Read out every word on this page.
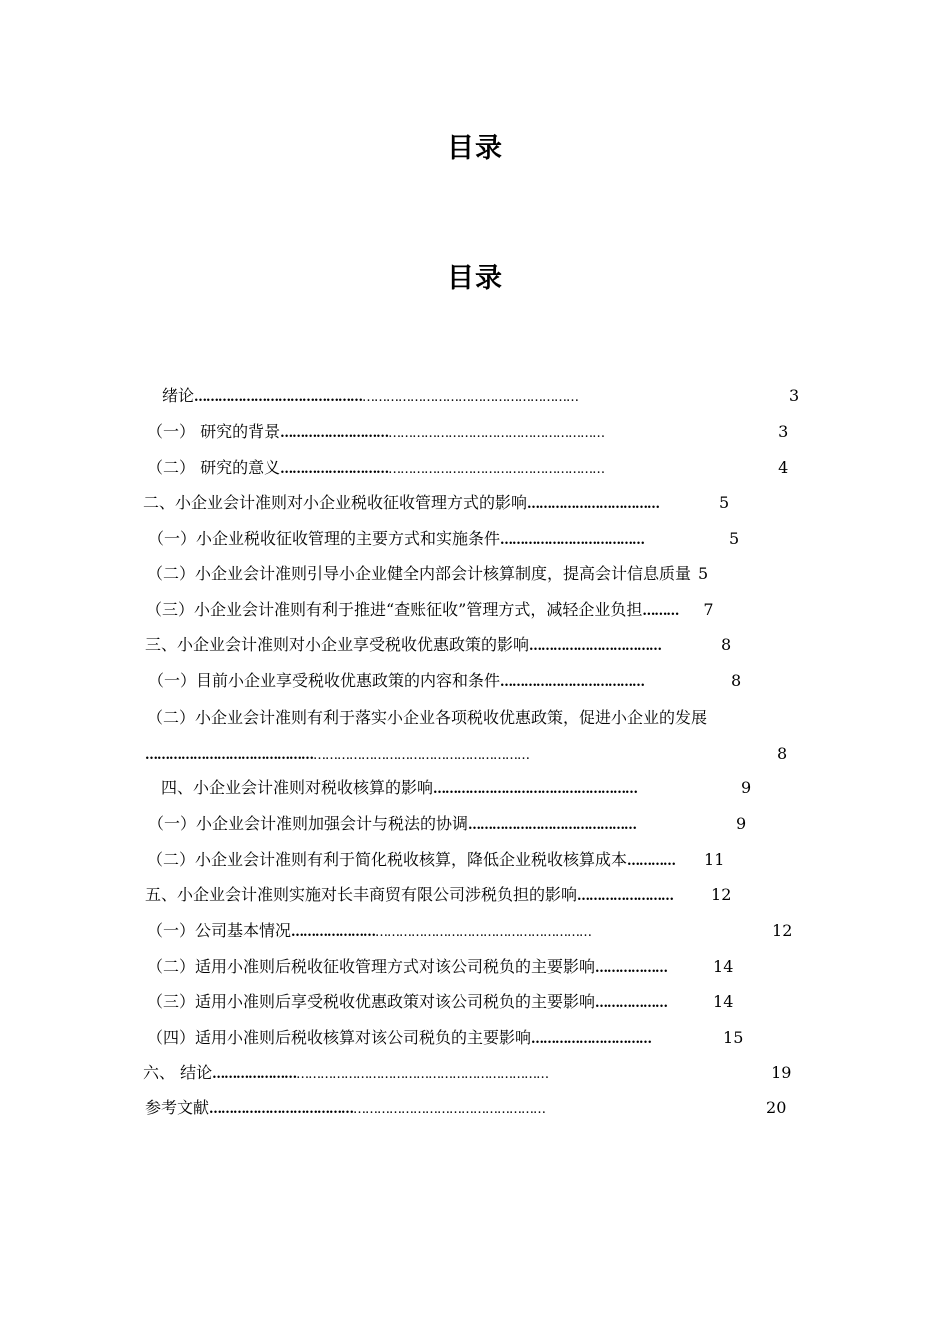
目录
目录
绪论……………………………………………………………………………………	3
（一） 研究的背景………………………………………………………………………	3
（二） 研究的意义………………………………………………………………………	4
二、小企业会计准则对小企业税收征收管理方式的影响……………………………	5
（一）小企业税收征收管理的主要方式和实施条件………………………………	5
（二）小企业会计准则引导小企业健全内部会计核算制度，提高会计信息质量 5
（三）小企业会计准则有利于推进“查账征收”管理方式，减轻企业负担……… 7
三、小企业会计准则对小企业享受税收优惠政策的影响……………………………	8
（一）目前小企业享受税收优惠政策的内容和条件………………………………	8
（二）小企业会计准则有利于落实小企业各项税收优惠政策，促进小企业的发展
……………………………………………………………………………………	8
四、小企业会计准则对税收核算的影响……………………………………………	9
（一）小企业会计准则加强会计与税法的协调……………………………………	9
（二）小企业会计准则有利于简化税收核算，降低企业税收核算成本………… 11
五、小企业会计准则实施对长丰商贸有限公司涉税负担的影响…………………… 12
（一）公司基本情况…………………………………………………………………	12
（二）适用小准则后税收征收管理方式对该公司税负的主要影响………………	14
（三）适用小准则后享受税收优惠政策对该公司税负的主要影响………………	14
（四）适用小准则后税收核算对该公司税负的主要影响…………………………	15
六、 结论…………………………………………………………………………	19
参考文献…………………………………………………………………………	20
